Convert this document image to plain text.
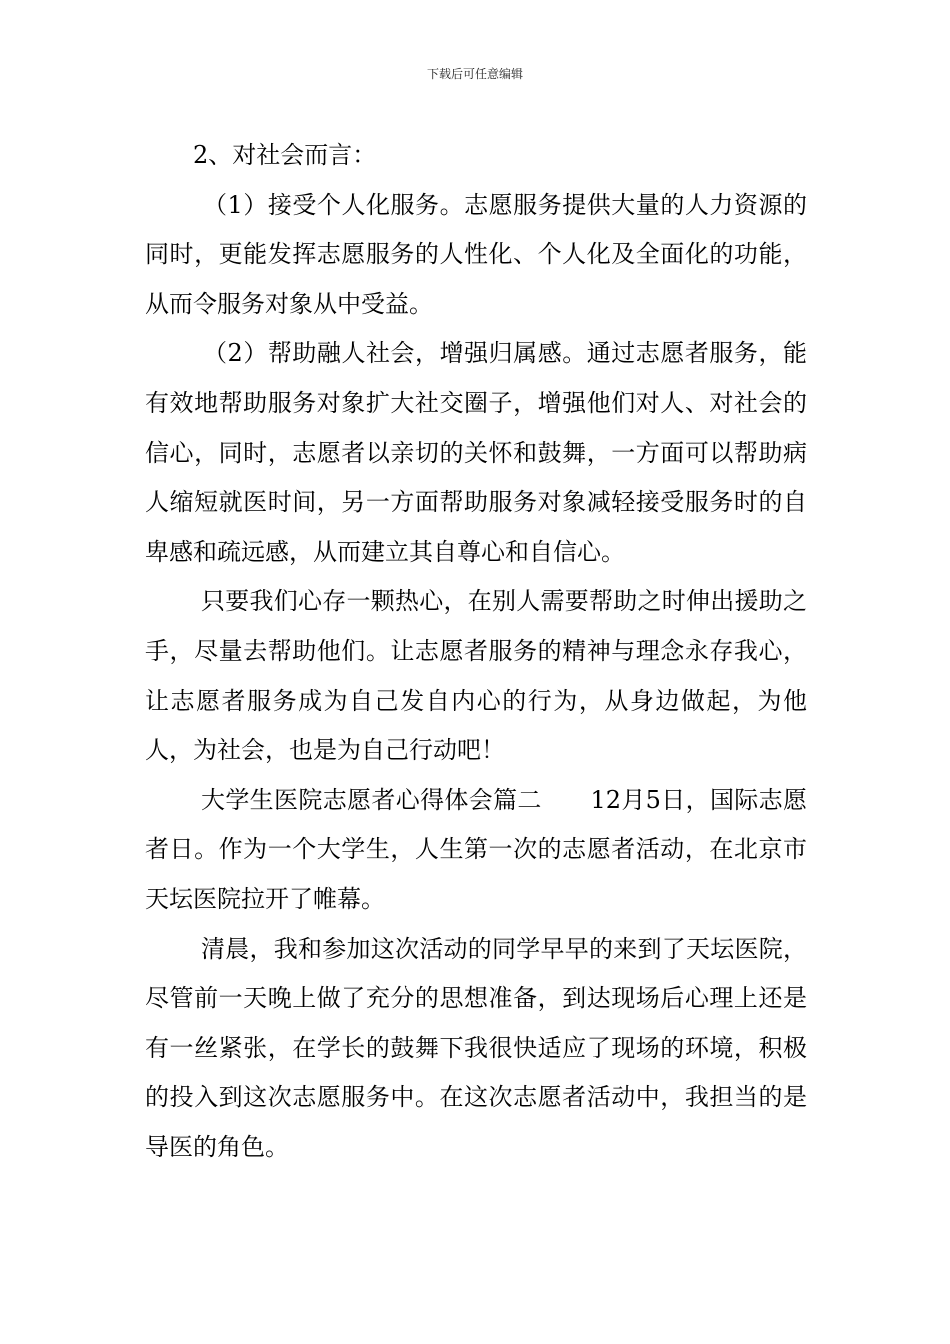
下载后可任意编辑

2、对社会而言：

（1）接受个人化服务。志愿服务提供大量的人力资源的同时，更能发挥志愿服务的人性化、个人化及全面化的功能，从而令服务对象从中受益。

（2）帮助融人社会，增强归属感。通过志愿者服务，能有效地帮助服务对象扩大社交圈子，增强他们对人、对社会的信心，同时，志愿者以亲切的关怀和鼓舞，一方面可以帮助病人缩短就医时间，另一方面帮助服务对象减轻接受服务时的自卑感和疏远感，从而建立其自尊心和自信心。

只要我们心存一颗热心，在别人需要帮助之时伸出援助之手，尽量去帮助他们。让志愿者服务的精神与理念永存我心，让志愿者服务成为自己发自内心的行为，从身边做起，为他人，为社会，也是为自己行动吧！

大学生医院志愿者心得体会篇二　　12月5日，国际志愿者日。作为一个大学生，人生第一次的志愿者活动，在北京市天坛医院拉开了帷幕。

清晨，我和参加这次活动的同学早早的来到了天坛医院，尽管前一天晚上做了充分的思想准备，到达现场后心理上还是有一丝紧张，在学长的鼓舞下我很快适应了现场的环境，积极的投入到这次志愿服务中。在这次志愿者活动中，我担当的是导医的角色。
